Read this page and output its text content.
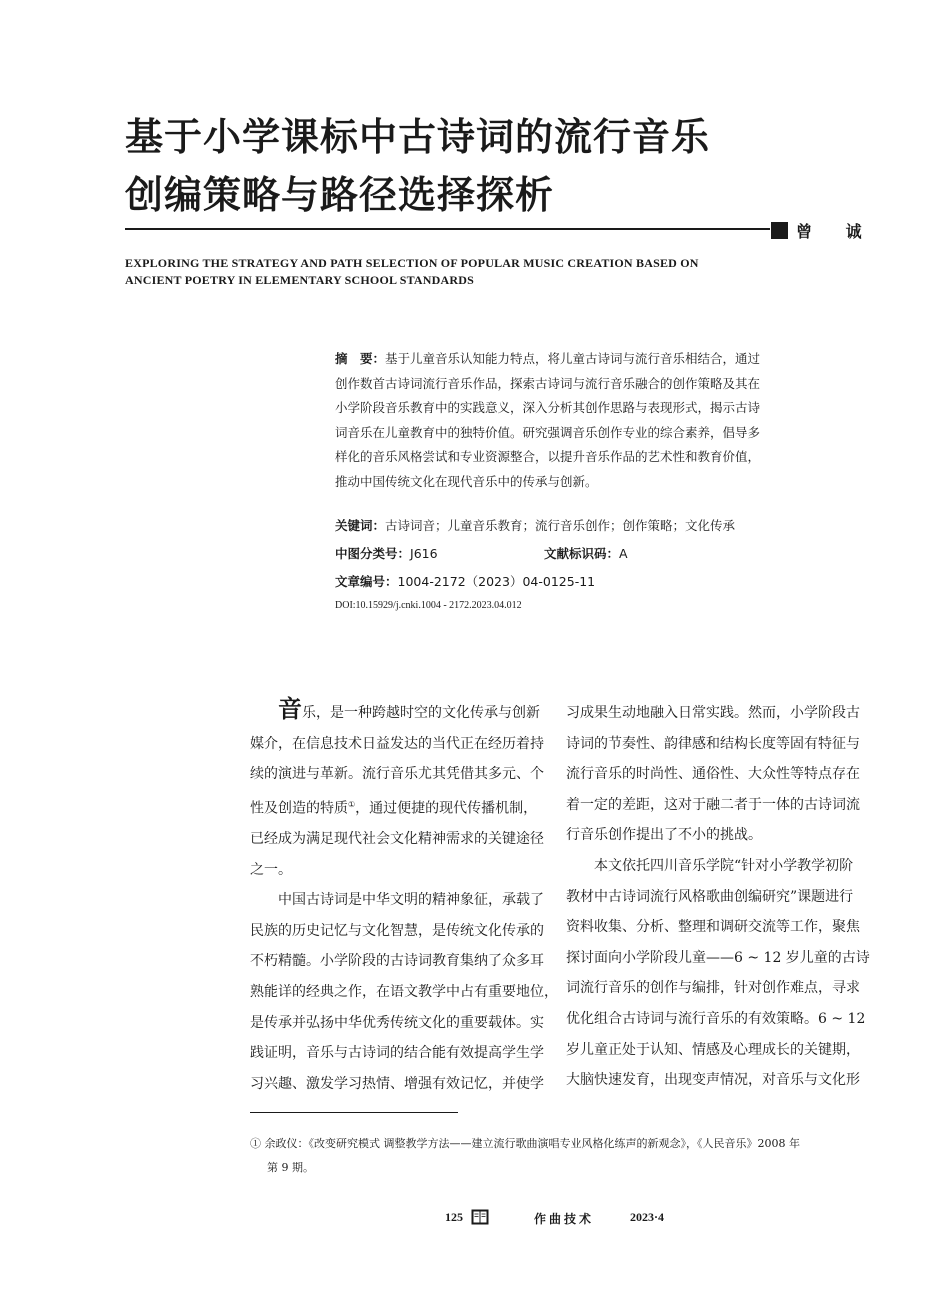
基于小学课标中古诗词的流行音乐
创编策略与路径选择探析
曾 诚
EXPLORING THE STRATEGY AND PATH SELECTION OF POPULAR MUSIC CREATION BASED ON
ANCIENT POETRY IN ELEMENTARY SCHOOL STANDARDS
摘　要：基于儿童音乐认知能力特点，将儿童古诗词与流行音乐相结合，通过
创作数首古诗词流行音乐作品，探索古诗词与流行音乐融合的创作策略及其在
小学阶段音乐教育中的实践意义，深入分析其创作思路与表现形式，揭示古诗
词音乐在儿童教育中的独特价值。研究强调音乐创作专业的综合素养，倡导多
样化的音乐风格尝试和专业资源整合，以提升音乐作品的艺术性和教育价值，
推动中国传统文化在现代音乐中的传承与创新。
关键词：古诗词音；儿童音乐教育；流行音乐创作；创作策略；文化传承
中图分类号：J616	文献标识码：A
文章编号：1004-2172（2023）04-0125-11
DOI:10.15929/j.cnki.1004 - 2172.2023.04.012
音乐，是一种跨越时空的文化传承与创新
媒介，在信息技术日益发达的当代正在经历着持
续的演进与革新。流行音乐尤其凭借其多元、个
性及创造的特质①，通过便捷的现代传播机制，
已经成为满足现代社会文化精神需求的关键途径
之一。
中国古诗词是中华文明的精神象征，承载了
民族的历史记忆与文化智慧，是传统文化传承的
不朽精髓。小学阶段的古诗词教育集纳了众多耳
熟能详的经典之作，在语文教学中占有重要地位，
是传承并弘扬中华优秀传统文化的重要载体。实
践证明，音乐与古诗词的结合能有效提高学生学
习兴趣、激发学习热情、增强有效记忆，并使学
习成果生动地融入日常实践。然而，小学阶段古
诗词的节奏性、韵律感和结构长度等固有特征与
流行音乐的时尚性、通俗性、大众性等特点存在
着一定的差距，这对于融二者于一体的古诗词流
行音乐创作提出了不小的挑战。
本文依托四川音乐学院“针对小学教学初阶
教材中古诗词流行风格歌曲创编研究”课题进行
资料收集、分析、整理和调研交流等工作，聚焦
探讨面向小学阶段儿童——6 ~ 12 岁儿童的古诗
词流行音乐的创作与编排，针对创作难点，寻求
优化组合古诗词与流行音乐的有效策略。6 ~ 12
岁儿童正处于认知、情感及心理成长的关键期，
大脑快速发育，出现变声情况，对音乐与文化形
① 余政仪：《改变研究模式 调整教学方法——建立流行歌曲演唱专业风格化练声的新观念》，《人民音乐》2008 年
第 9 期。
125	作曲技术	2023·4
